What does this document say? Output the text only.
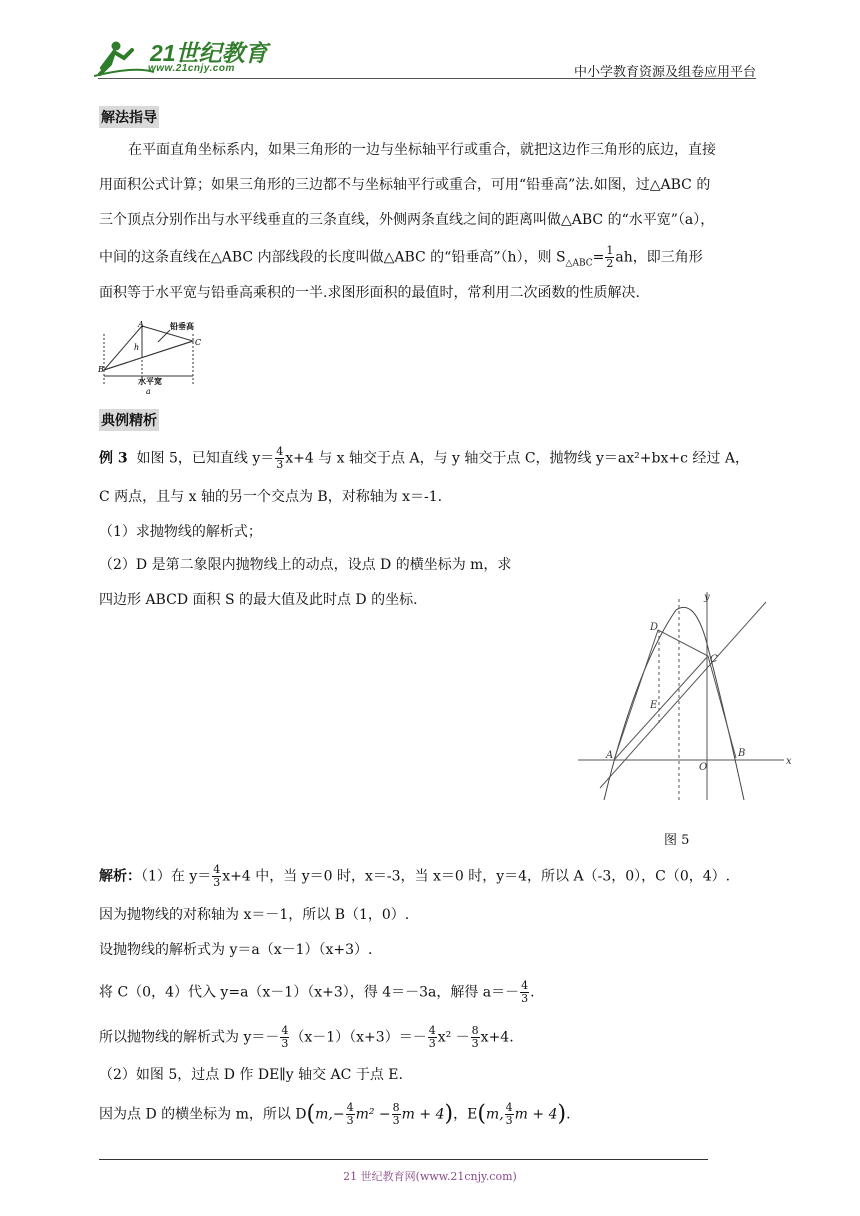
21世纪教育
www.21cnjy.com	中小学教育资源及组卷应用平台
解法指导
在平面直角坐标系内，如果三角形的一边与坐标轴平行或重合，就把这边作三角形的底边，直接
用面积公式计算；如果三角形的三边都不与坐标轴平行或重合，可用“铅垂高”法.如图，过△ABC 的
三个顶点分别作出与水平线垂直的三条直线，外侧两条直线之间的距离叫做△ABC 的“水平宽”（a），
中间的这条直线在△ABC 内部线段的长度叫做△ABC 的“铅垂高”（h），则 $S_{\triangle ABC}= \frac{1}{2}$ ah，即三角形
面积等于水平宽与铅垂高乘积的一半.求图形面积的最值时，常利用二次函数的性质解决.
A
B
C
h
铅垂高
水平宽
a
典例精析
例 3 如图 5，已知直线 $y= \frac{4}{3} x+4$ 与 x 轴交于点 A，与 y 轴交于点 C，抛物线 y＝ax²+bx+c 经过 A，
C 两点，且与 x 轴的另一个交点为 B，对称轴为 x＝-1.
（1）求抛物线的解析式；
（2）D 是第二象限内抛物线上的动点，设点 D 的横坐标为 m，求
四边形 ABCD 面积 S 的最大值及此时点 D 的坐标.
x
y
O
A	B
C
D
E
图 5
解析：（1）在 $y= \frac{4}{3} x+4$ 中，当 y＝0 时，x＝-3，当 x＝0 时，y＝4，所以 A（-3，0），C（0，4）.
因为抛物线的对称轴为 x＝－1，所以 B（1，0）.
设抛物线的解析式为 y＝a（x－1）（x+3）.
将 C（0，4）代入 y=a（x－1）（x+3），得 4＝－3a，解得 $a=- \frac{4}{3}$ .
所以抛物线的解析式为 $y=- \frac{4}{3} (x-1)(x+3)=- \frac{4}{3} x^2 - \frac{8}{3} x+4$.
（2）如图 5，过点 D 作 DE∥y 轴交 AC 于点 E.
因为点 D 的横坐标为 m，所以 $D(m,- \frac{4}{3} m^2 - \frac{8}{3}$ m + 4)，E(m, $\frac{4}{3}$ m + 4).
21 世纪教育网(www.21cnjy.com)
